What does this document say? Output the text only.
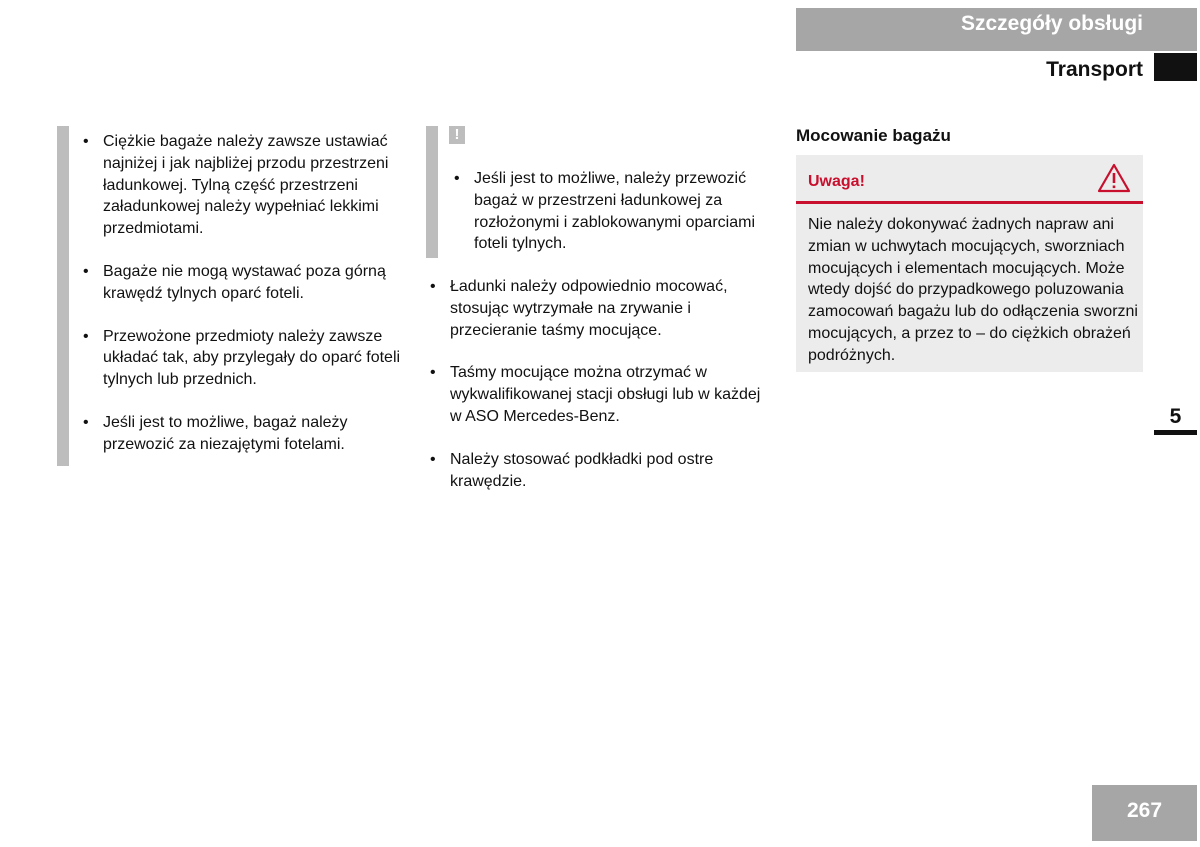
Szczegóły obsługi
Transport
• Ciężkie bagaże należy zawsze ustawiać najniżej i jak najbliżej przodu przestrzeni ładunkowej. Tylną część przestrzeni załadunkowej należy wypełniać lekkimi przedmiotami.
• Bagaże nie mogą wystawać poza górną krawędź tylnych oparć foteli.
• Przewożone przedmioty należy zawsze układać tak, aby przylegały do oparć foteli tylnych lub przednich.
• Jeśli jest to możliwe, bagaż należy przewozić za niezajętymi fotelami.
!
• Jeśli jest to możliwe, należy przewozić bagaż w przestrzeni ładunkowej za rozłożonymi i zablokowanymi oparciami foteli tylnych.
• Ładunki należy odpowiednio mocować, stosując wytrzymałe na zrywanie i przecieranie taśmy mocujące.
• Taśmy mocujące można otrzymać w wykwalifikowanej stacji obsługi lub w każdej w ASO Mercedes-Benz.
• Należy stosować podkładki pod ostre krawędzie.
Mocowanie bagażu
Uwaga!
Nie należy dokonywać żadnych napraw ani zmian w uchwytach mocujących, sworzniach mocujących i elementach mocujących. Może wtedy dojść do przypadkowego poluzowania zamocowań bagażu lub do odłączenia sworzni mocujących, a przez to – do ciężkich obrażeń podróżnych.
5
267
